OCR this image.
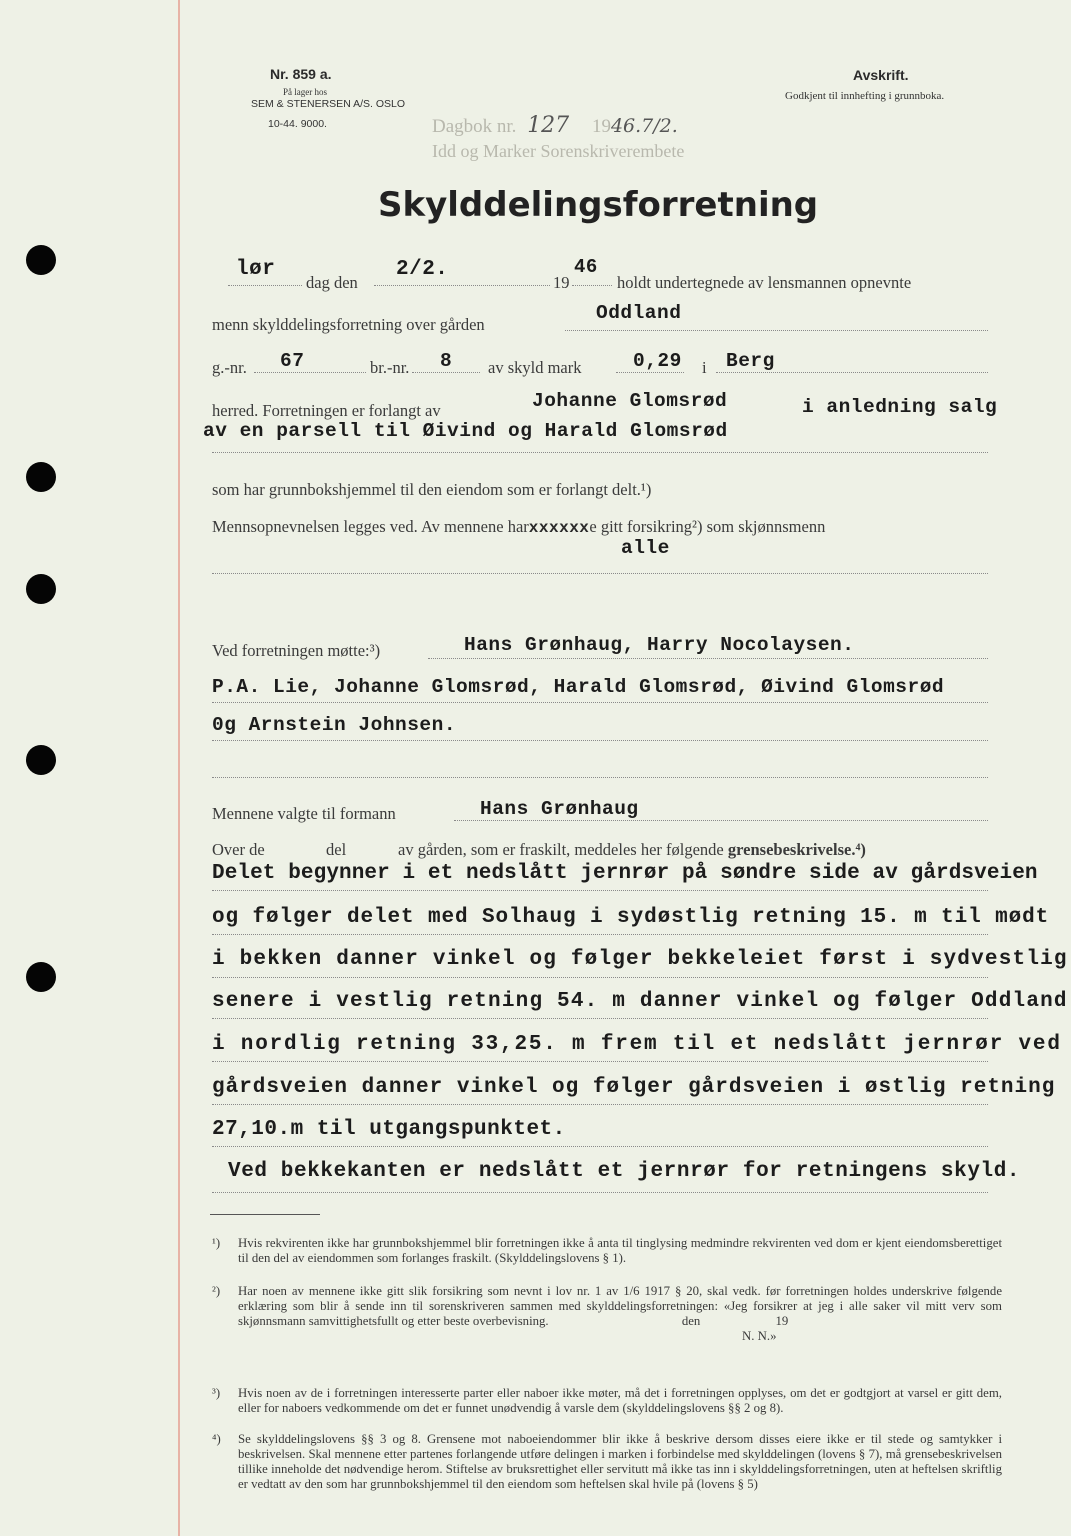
Nr. 859 a.
På lager hos
SEM & STENERSEN A/S. OSLO
10-44. 9000.
Avskrift.
Godkjent til innhefting i grunnboka.
Dagbok nr. 127 1946.7/2.
Idd og Marker Sorenskriverembete
Skylddelingsforretning
lør
dag den
2/2.
19
46
holdt undertegnede av lensmannen opnevnte
menn skylddelingsforretning over gården
Oddland
g.-nr. 67	br.-nr. 8 av skyld mark	0,29 i Berg
herred. Forretningen er forlangt av	Johanne Glomsrød	i anledning salg
av en parsell til Øivind og Harald Glomsrød
som har grunnbokshjemmel til den eiendom som er forlangt delt.¹)
Mennsopnevnelsen legges ved. Av mennene harxxxxxxe gitt forsikring²) som skjønnsmenn
alle
Ved forretningen møtte:³)	Hans Grønhaug, Harry Nocolaysen.
P.A. Lie, Johanne Glomsrød, Harald Glomsrød, Øivind Glomsrød
0g Arnstein Johnsen.
Mennene valgte til formann	Hans Grønhaug
Over de	del	av gården, som er fraskilt, meddeles her følgende grensebeskrivelse.⁴)
Delet begynner i et nedslått jernrør på søndre side av gårdsveien
og følger delet med Solhaug i sydøstlig retning 15. m til mødt
i bekken danner vinkel og følger bekkeleiet først i sydvestlig
senere i vestlig retning 54. m danner vinkel og følger Oddland
i nordlig retning 33,25. m frem til et nedslått jernrør ved
gårdsveien danner vinkel og følger gårdsveien i østlig retning
27,10.m til utgangspunktet.
Ved bekkekanten er nedslått et jernrør for retningens skyld.
¹) Hvis rekvirenten ikke har grunnbokshjemmel blir forretningen ikke å anta til tinglysing medmindre rekvirenten ved dom er kjent eiendomsberettiget til den del av eiendommen som forlanges fraskilt. (Skylddelingslovens § 1).
²) Har noen av mennene ikke gitt slik forsikring som nevnt i lov nr. 1 av 1/6 1917 § 20, skal vedk. før forretningen holdes underskrive følgende erklæring som blir å sende inn til sorenskriveren sammen med skylddelingsforretningen: «Jeg forsikrer at jeg i alle saker vil mitt verv som skjønnsmann samvittighetsfullt og etter beste overbevisning.	den	19
N. N.»
³) Hvis noen av de i forretningen interesserte parter eller naboer ikke møter, må det i forretningen opplyses, om det er godtgjort at varsel er gitt dem, eller for naboers vedkommende om det er funnet unødvendig å varsle dem (skylddelingslovens §§ 2 og 8).
⁴) Se skylddelingslovens §§ 3 og 8. Grensene mot naboeiendommer blir ikke å beskrive dersom disses eiere ikke er til stede og samtykker i beskrivelsen. Skal mennene etter partenes forlangende utføre delingen i marken i forbindelse med skylddelingen (lovens § 7), må grensebeskrivelsen tillike inneholde det nødvendige herom. Stiftelse av bruksrettighet eller servitutt må ikke tas inn i skylddelingsforretningen, uten at heftelsen skriftlig er vedtatt av den som har grunnbokshjemmel til den eiendom som heftelsen skal hvile på (lovens § 5)
